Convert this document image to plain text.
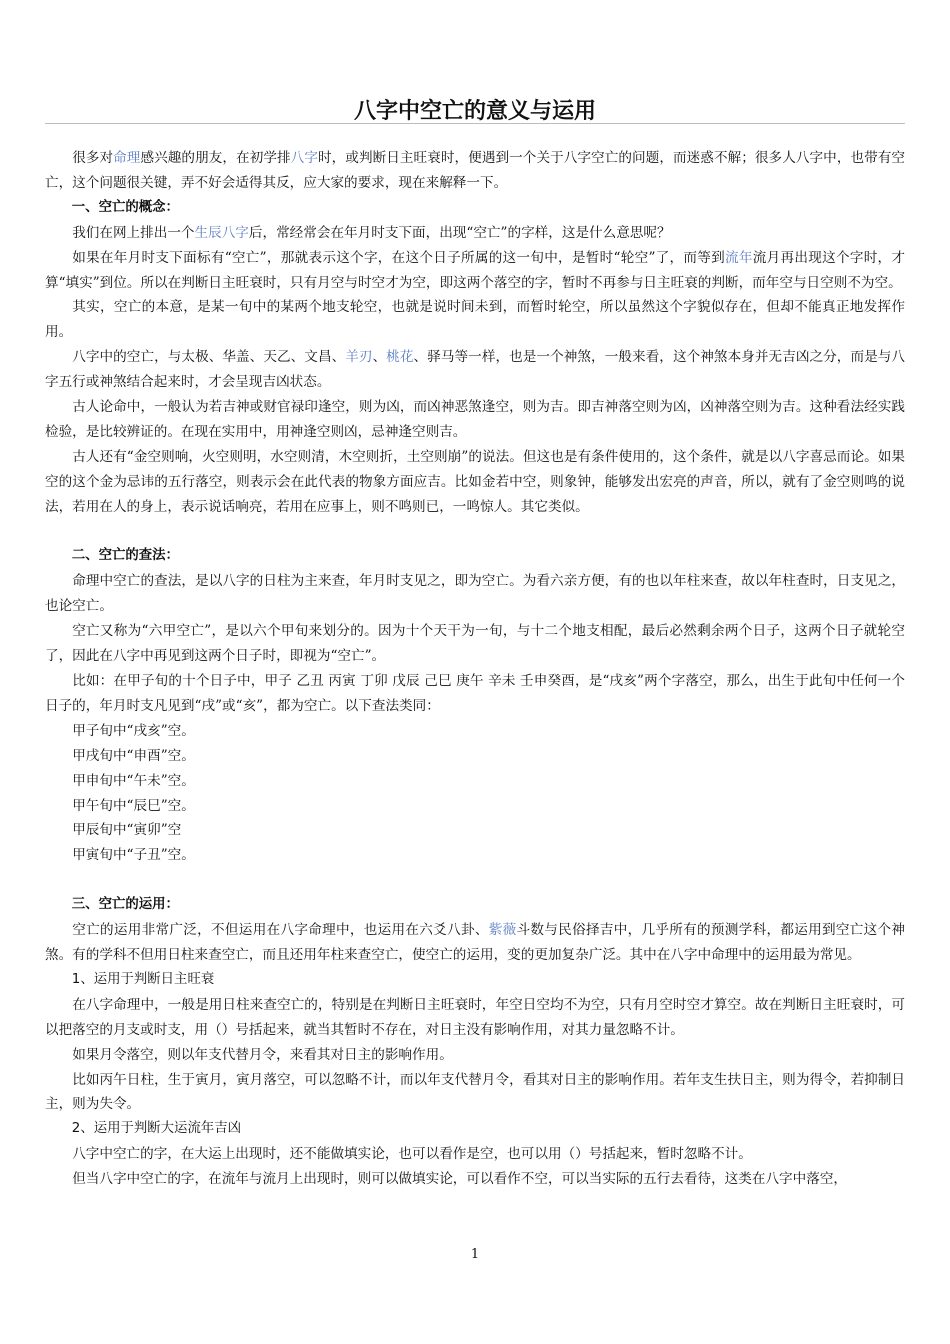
八字中空亡的意义与运用

很多对命理感兴趣的朋友，在初学排八字时，或判断日主旺衰时，便遇到一个关于八字空亡的问题，而迷惑不解；很多人八字中，也带有空亡，这个问题很关键，弄不好会适得其反，应大家的要求，现在来解释一下。

一、空亡的概念：

我们在网上排出一个生辰八字后，常经常会在年月时支下面，出现“空亡”的字样，这是什么意思呢？

如果在年月时支下面标有“空亡”，那就表示这个字，在这个日子所属的这一旬中，是暂时“轮空”了，而等到流年流月再出现这个字时，才算“填实”到位。所以在判断日主旺衰时，只有月空与时空才为空，即这两个落空的字，暂时不再参与日主旺衰的判断，而年空与日空则不为空。

其实，空亡的本意，是某一旬中的某两个地支轮空，也就是说时间未到，而暂时轮空，所以虽然这个字貌似存在，但却不能真正地发挥作用。

八字中的空亡，与太极、华盖、天乙、文昌、羊刃、桃花、驿马等一样，也是一个神煞，一般来看，这个神煞本身并无吉凶之分，而是与八字五行或神煞结合起来时，才会呈现吉凶状态。

古人论命中，一般认为若吉神或财官禄印逢空，则为凶，而凶神恶煞逢空，则为吉。即吉神落空则为凶，凶神落空则为吉。这种看法经实践检验，是比较辨证的。在现在实用中，用神逢空则凶，忌神逢空则吉。

古人还有“金空则响，火空则明，水空则清，木空则折，土空则崩”的说法。但这也是有条件使用的，这个条件，就是以八字喜忌而论。如果空的这个金为忌讳的五行落空，则表示会在此代表的物象方面应吉。比如金若中空，则象钟，能够发出宏亮的声音，所以，就有了金空则鸣的说法，若用在人的身上，表示说话响亮，若用在应事上，则不鸣则已，一鸣惊人。其它类似。

二、空亡的查法：

命理中空亡的查法，是以八字的日柱为主来查，年月时支见之，即为空亡。为看六亲方便，有的也以年柱来查，故以年柱查时，日支见之，也论空亡。

空亡又称为“六甲空亡”，是以六个甲旬来划分的。因为十个天干为一旬，与十二个地支相配，最后必然剩余两个日子，这两个日子就轮空了，因此在八字中再见到这两个日子时，即视为“空亡”。

比如：在甲子旬的十个日子中，甲子 乙丑 丙寅 丁卯 戊辰 己巳 庚午 辛未 壬申癸酉，是“戌亥”两个字落空，那么，出生于此旬中任何一个日子的，年月时支凡见到“戌”或“亥”，都为空亡。以下查法类同：

甲子旬中“戌亥”空。

甲戌旬中“申酉”空。

甲申旬中“午未”空。

甲午旬中“辰巳”空。

甲辰旬中“寅卯”空

甲寅旬中“子丑”空。

三、空亡的运用：

空亡的运用非常广泛，不但运用在八字命理中，也运用在六爻八卦、紫薇斗数与民俗择吉中，几乎所有的预测学科，都运用到空亡这个神煞。有的学科不但用日柱来查空亡，而且还用年柱来查空亡，使空亡的运用，变的更加复杂广泛。其中在八字中命理中的运用最为常见。

1、运用于判断日主旺衰

在八字命理中，一般是用日柱来查空亡的，特别是在判断日主旺衰时，年空日空均不为空，只有月空时空才算空。故在判断日主旺衰时，可以把落空的月支或时支，用（）号括起来，就当其暂时不存在，对日主没有影响作用，对其力量忽略不计。

如果月令落空，则以年支代替月令，来看其对日主的影响作用。

比如丙午日柱，生于寅月，寅月落空，可以忽略不计，而以年支代替月令，看其对日主的影响作用。若年支生扶日主，则为得令，若抑制日主，则为失令。

2、运用于判断大运流年吉凶

八字中空亡的字，在大运上出现时，还不能做填实论，也可以看作是空，也可以用（）号括起来，暂时忽略不计。

但当八字中空亡的字，在流年与流月上出现时，则可以做填实论，可以看作不空，可以当实际的五行去看待，这类在八字中落空，

1
